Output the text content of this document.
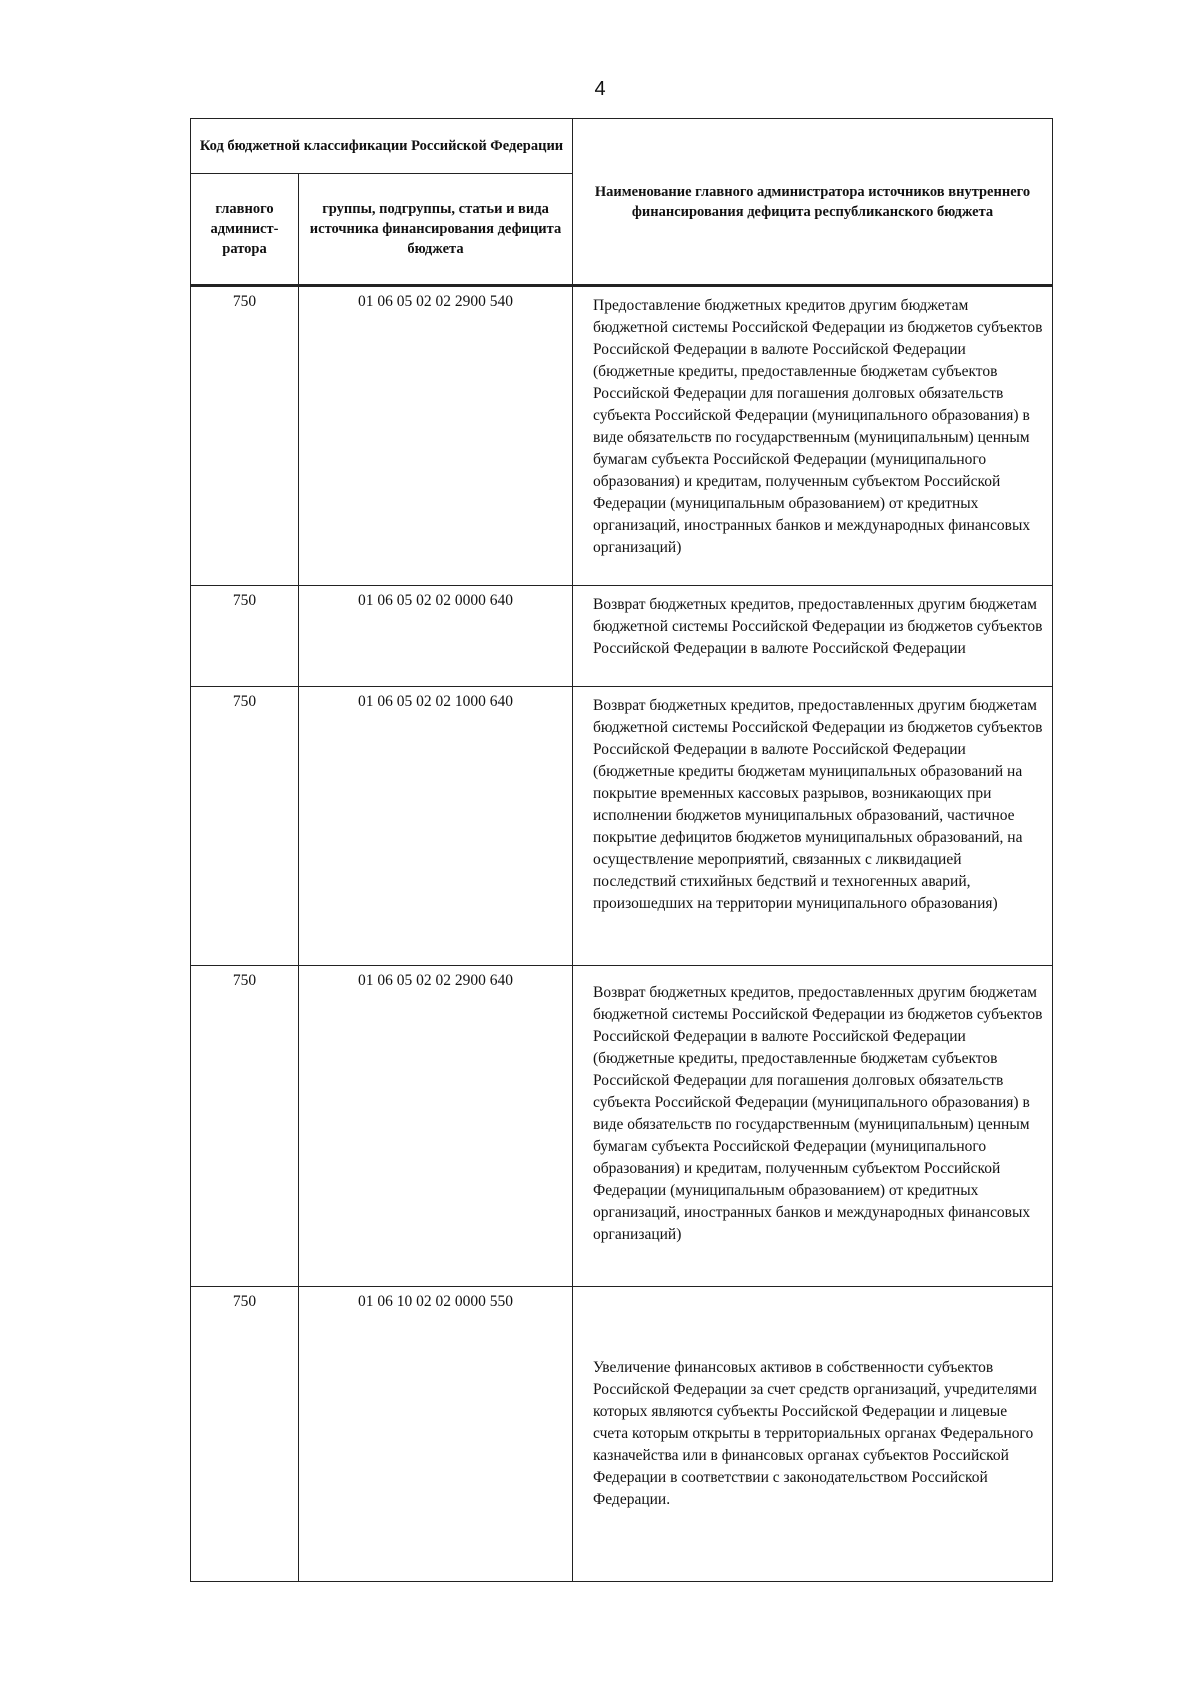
4
Код бюджетной классификации Российской Федерации		Наименование главного администратора источников внутреннего финансирования дефицита республиканского бюджета
главного админист-ратора	группы, подгруппы, статьи и вида источника финансирования дефицита бюджета	
750	01 06 05 02 02 2900 540	Предоставление бюджетных кредитов другим бюджетам бюджетной системы Российской Федерации из бюджетов субъектов Российской Федерации в валюте Российской Федерации (бюджетные кредиты, предоставленные бюджетам субъектов Российской Федерации для погашения долговых обязательств субъекта Российской Федерации (муниципального образования) в виде обязательств по государственным (муниципальным) ценным бумагам субъекта Российской Федерации (муниципального образования) и кредитам, полученным субъектом Российской Федерации (муниципальным образованием) от кредитных организаций, иностранных банков и международных финансовых организаций)
750	01 06 05 02 02 0000 640	Возврат бюджетных кредитов, предоставленных другим бюджетам бюджетной системы Российской Федерации из бюджетов субъектов Российской Федерации в валюте Российской Федерации
750	01 06 05 02 02 1000 640	Возврат бюджетных кредитов, предоставленных другим бюджетам бюджетной системы Российской Федерации из бюджетов субъектов Российской Федерации в валюте Российской Федерации (бюджетные кредиты бюджетам муниципальных образований на покрытие временных кассовых разрывов, возникающих при исполнении бюджетов муниципальных образований, частичное покрытие дефицитов бюджетов муниципальных образований, на осуществление мероприятий, связанных с ликвидацией последствий стихийных бедствий и техногенных аварий, произошедших на территории муниципального образования)
750	01 06 05 02 02 2900 640	Возврат бюджетных кредитов, предоставленных другим бюджетам бюджетной системы Российской Федерации из бюджетов субъектов Российской Федерации в валюте Российской Федерации (бюджетные кредиты, предоставленные бюджетам субъектов Российской Федерации для погашения долговых обязательств субъекта Российской Федерации (муниципального образования) в виде обязательств по государственным (муниципальным) ценным бумагам субъекта Российской Федерации (муниципального образования) и кредитам, полученным субъектом Российской Федерации (муниципальным образованием) от кредитных организаций, иностранных банков и международных финансовых организаций)
750	01 06 10 02 02 0000 550	Увеличение финансовых активов в собственности субъектов Российской Федерации за счет средств организаций, учредителями которых являются субъекты Российской Федерации и лицевые счета которым открыты в территориальных органах Федерального казначейства или в финансовых органах субъектов Российской Федерации в соответствии с законодательством Российской Федерации.
